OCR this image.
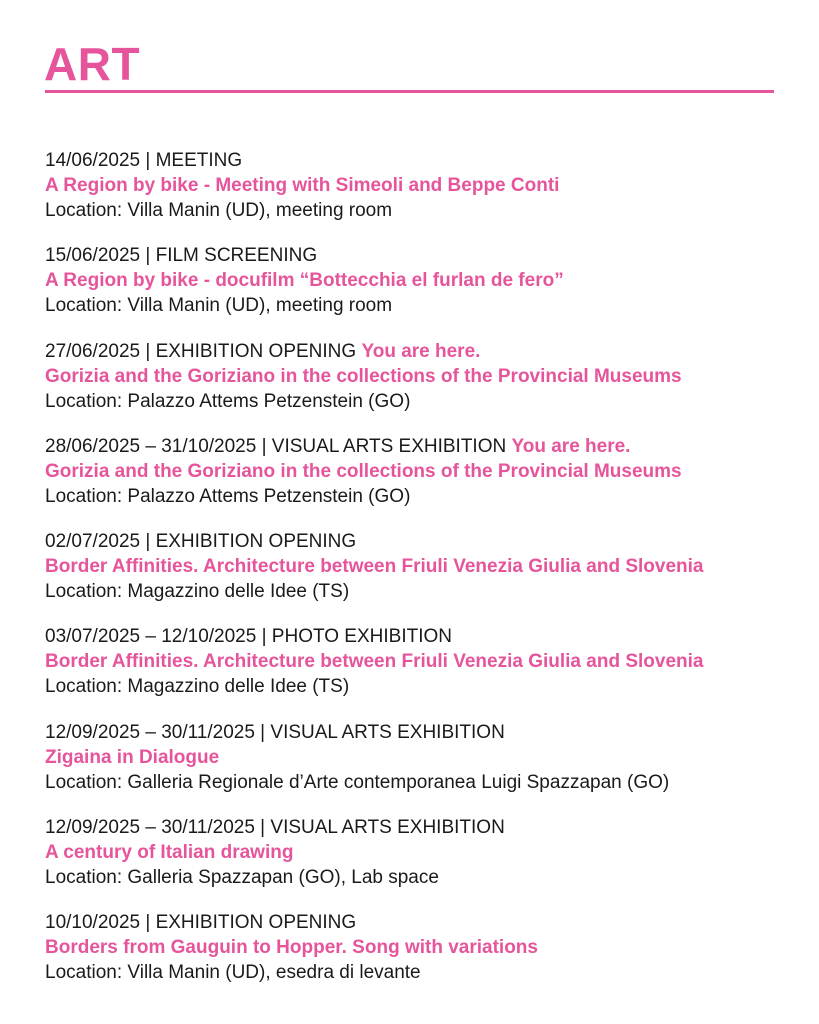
ART
14/06/2025 | MEETING
A Region by bike - Meeting with Simeoli and Beppe Conti
Location: Villa Manin (UD), meeting room
15/06/2025 | FILM SCREENING
A Region by bike - docufilm “Bottecchia el furlan de fero”
Location: Villa Manin (UD), meeting room
27/06/2025 | EXHIBITION OPENING You are here.
Gorizia and the Goriziano in the collections of the Provincial Museums
Location: Palazzo Attems Petzenstein (GO)
28/06/2025 – 31/10/2025 | VISUAL ARTS EXHIBITION You are here.
Gorizia and the Goriziano in the collections of the Provincial Museums
Location: Palazzo Attems Petzenstein (GO)
02/07/2025 | EXHIBITION OPENING
Border Affinities. Architecture between Friuli Venezia Giulia and Slovenia
Location: Magazzino delle Idee (TS)
03/07/2025 – 12/10/2025 | PHOTO EXHIBITION
Border Affinities. Architecture between Friuli Venezia Giulia and Slovenia
Location: Magazzino delle Idee (TS)
12/09/2025 – 30/11/2025 | VISUAL ARTS EXHIBITION
Zigaina in Dialogue
Location: Galleria Regionale d’Arte contemporanea Luigi Spazzapan (GO)
12/09/2025 – 30/11/2025 | VISUAL ARTS EXHIBITION
A century of Italian drawing
Location: Galleria Spazzapan (GO), Lab space
10/10/2025 | EXHIBITION OPENING
Borders from Gauguin to Hopper. Song with variations
Location: Villa Manin (UD), esedra di levante
